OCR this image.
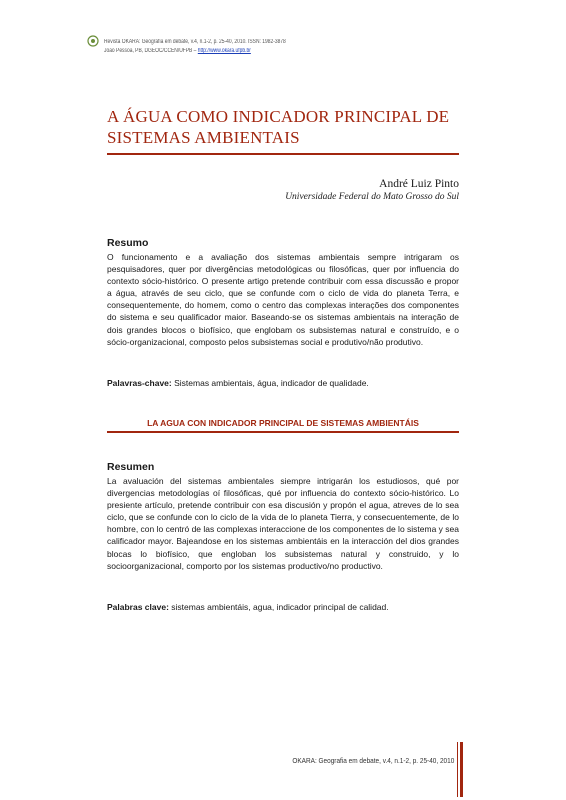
Revista OKARA: Geografia em debate, v.4, n.1-2, p. 25-40, 2010. ISSN: 1982-3878
João Pessoa, PB, DGEOC/CCEN/UFPB – http://www.okara.ufpb.br
A ÁGUA COMO INDICADOR PRINCIPAL DE SISTEMAS AMBIENTAIS
André Luiz Pinto
Universidade Federal do Mato Grosso do Sul
Resumo

O funcionamento e a avaliação dos sistemas ambientais sempre intrigaram os pesquisadores, quer por divergências metodológicas ou filosóficas, quer por influencia do contexto sócio-histórico. O presente artigo pretende contribuir com essa discussão e propor a água, através de seu ciclo, que se confunde com o ciclo de vida do planeta Terra, e consequentemente, do homem, como o centro das complexas interações dos componentes do sistema e seu qualificador maior. Baseando-se os sistemas ambientais na interação de dois grandes blocos o biofísico, que englobam os subsistemas natural e construído, e o sócio-organizacional, composto pelos subsistemas social e produtivo/não produtivo.

Palavras-chave: Sistemas ambientais, água, indicador de qualidade.
LA AGUA CON INDICADOR PRINCIPAL DE SISTEMAS AMBIENTÁIS
Resumen

La avaluación del sistemas ambientales siempre intrigarán los estudiosos, qué por divergencias metodologías oí filosóficas, qué por influencia do contexto sócio-histórico. Lo presiente artículo, pretende contribuir con esa discusión y propón el agua, atreves de lo sea ciclo, que se confunde con lo ciclo de la vida de lo planeta Tierra, y consecuentemente, de lo hombre, con lo centró de las complexas interaccione de los componentes de lo sistema y sea calificador mayor. Bajeandose en los sistemas ambientáis en la interacción del dios grandes blocas lo biofísico, que engloban los subsistemas natural y construido, y lo socioorganizacional, comporto por los sistemas productivo/no productivo.

Palabras clave: sistemas ambientáis, agua, indicador principal de calidad.
OKARA: Geografia em debate, v.4, n.1-2, p. 25-40, 2010
